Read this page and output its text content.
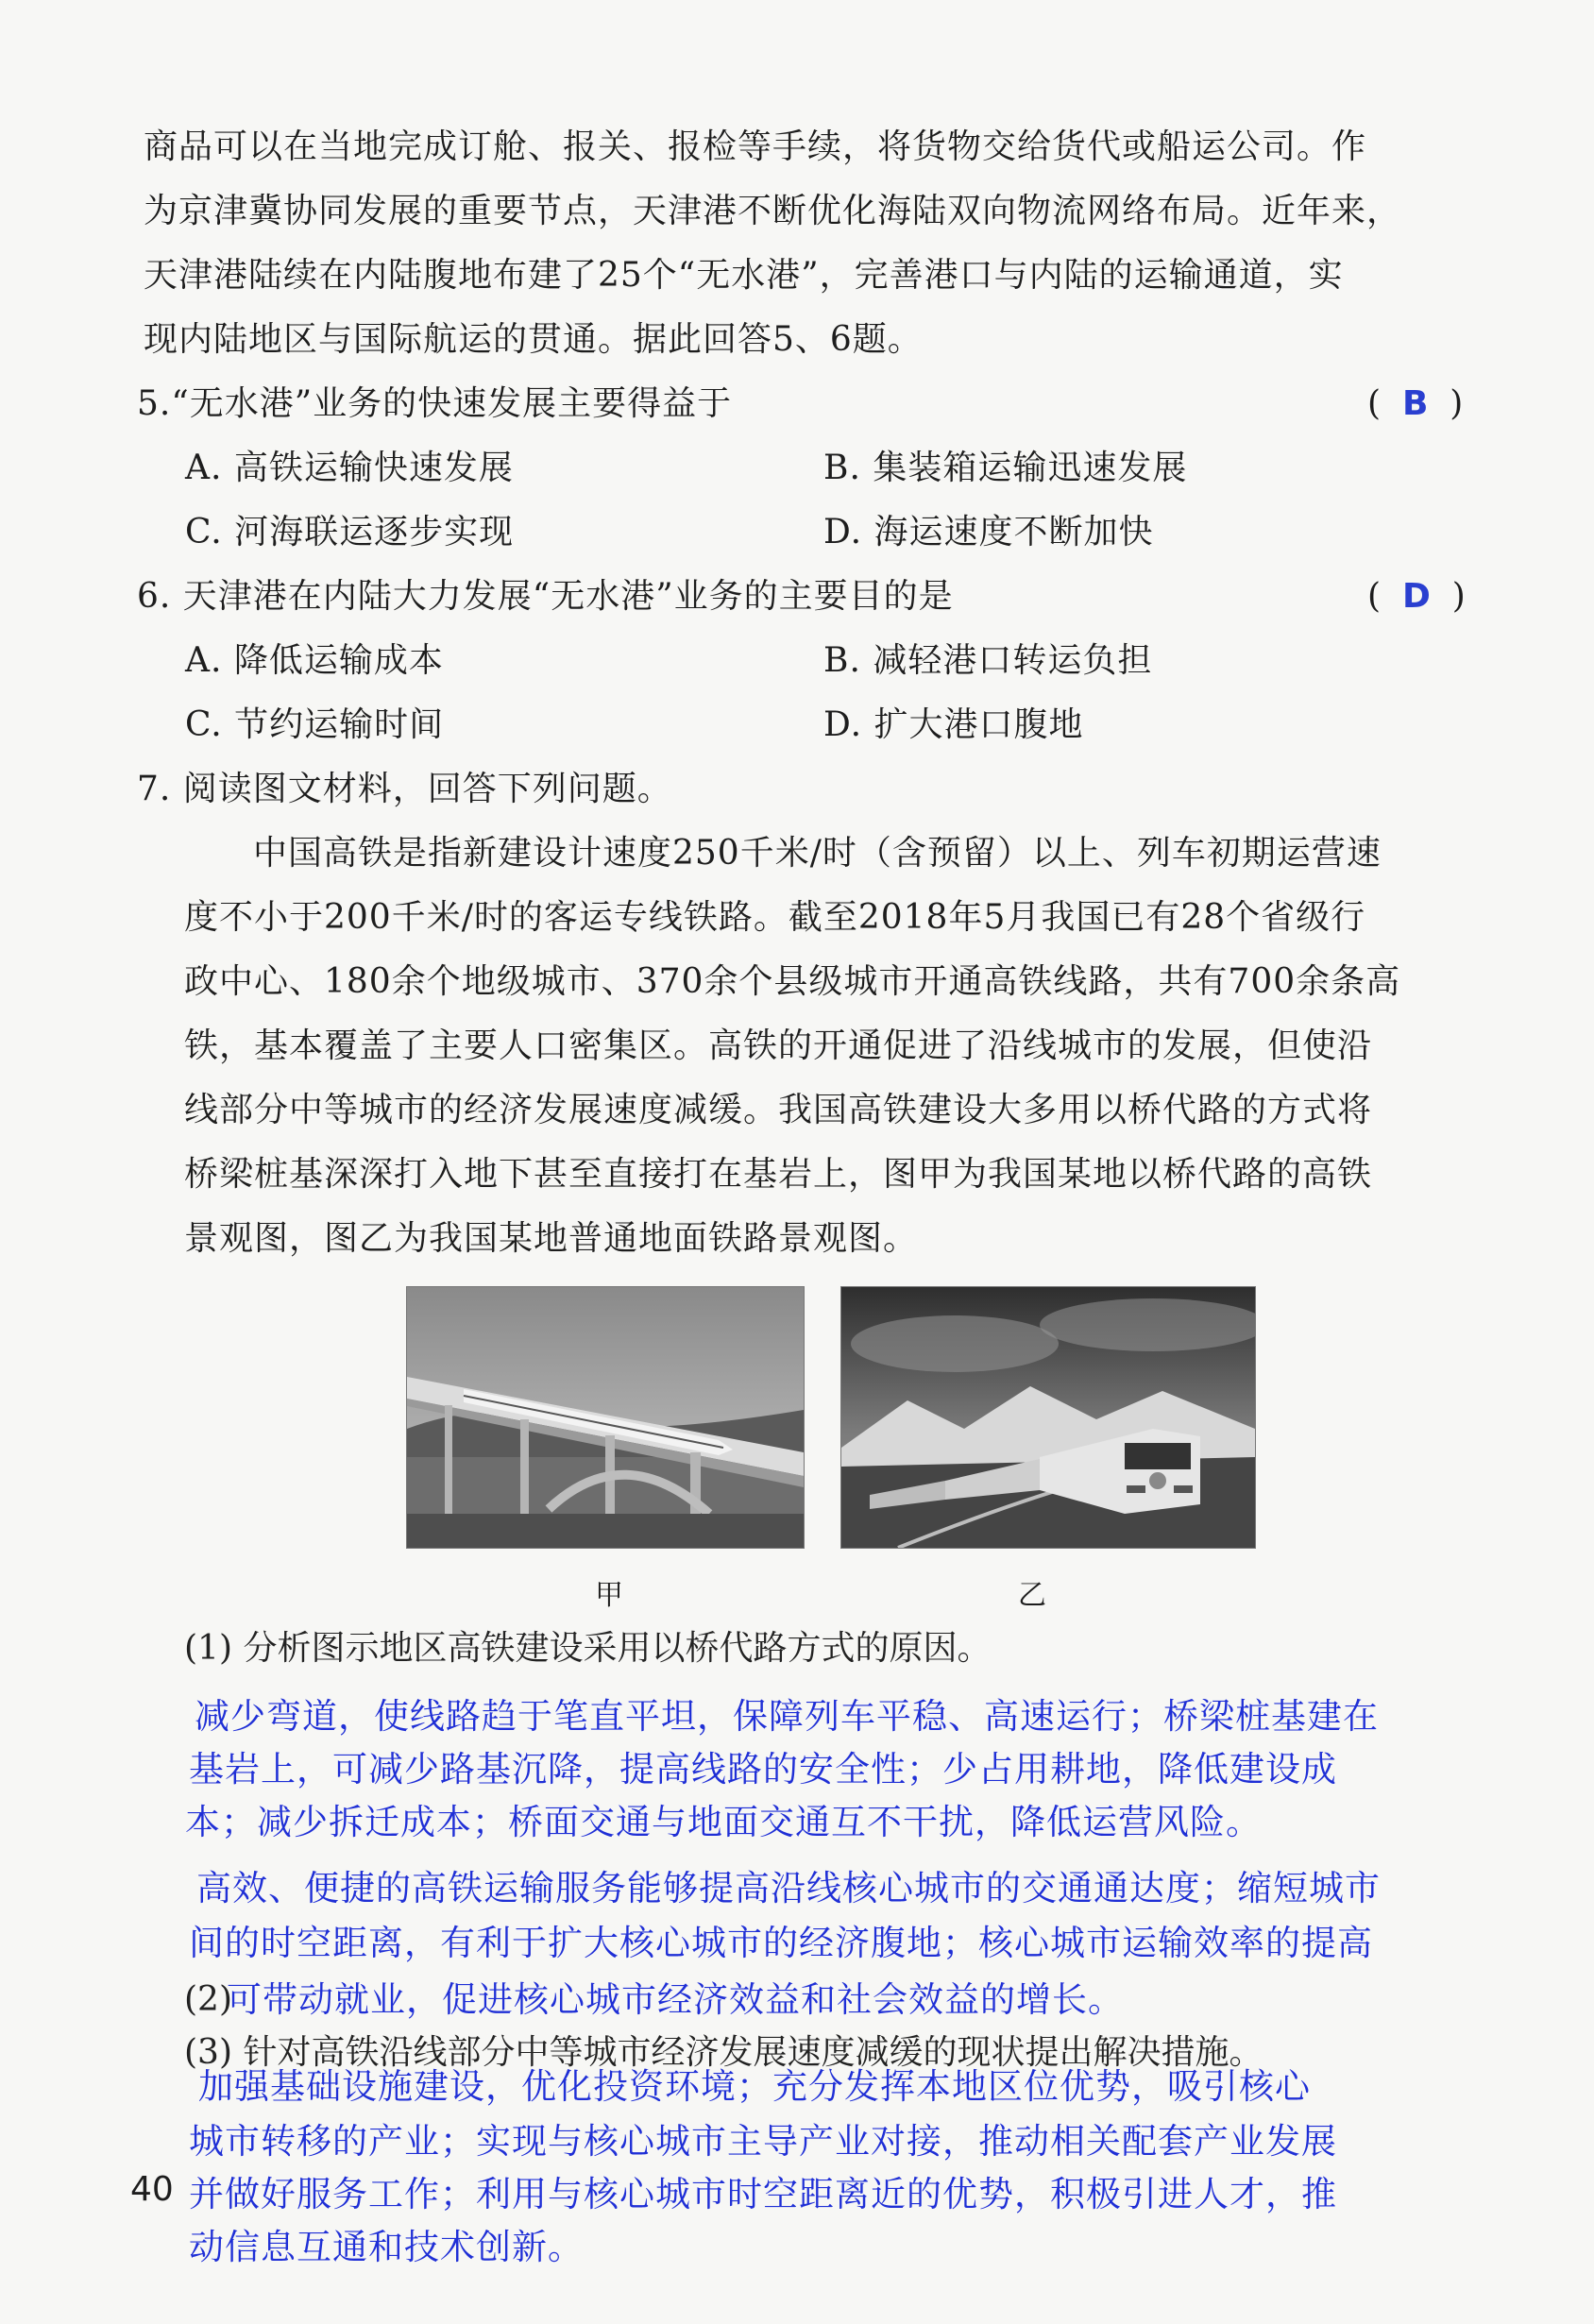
商品可以在当地完成订舱、报关、报检等手续，将货物交给货代或船运公司。作
为京津冀协同发展的重要节点，天津港不断优化海陆双向物流网络布局。近年来，
天津港陆续在内陆腹地布建了25个“无水港”，完善港口与内陆的运输通道，实
现内陆地区与国际航运的贯通。据此回答5、6题。
5.“无水港”业务的快速发展主要得益于	(  B  )
A. 高铁运输快速发展	B. 集装箱运输迅速发展
C. 河海联运逐步实现	D. 海运速度不断加快
6. 天津港在内陆大力发展“无水港”业务的主要目的是	(  D  )
A. 降低运输成本	B. 减轻港口转运负担
C. 节约运输时间	D. 扩大港口腹地
7. 阅读图文材料，回答下列问题。
中国高铁是指新建设计速度250千米/时（含预留）以上、列车初期运营速
度不小于200千米/时的客运专线铁路。截至2018年5月我国已有28个省级行
政中心、180余个地级城市、370余个县级城市开通高铁线路，共有700余条高
铁，基本覆盖了主要人口密集区。高铁的开通促进了沿线城市的发展，但使沿
线部分中等城市的经济发展速度减缓。我国高铁建设大多用以桥代路的方式将
桥梁桩基深深打入地下甚至直接打在基岩上，图甲为我国某地以桥代路的高铁
景观图，图乙为我国某地普通地面铁路景观图。
甲	乙
(1) 分析图示地区高铁建设采用以桥代路方式的原因。
减少弯道，使线路趋于笔直平坦，保障列车平稳、高速运行；桥梁桩基建在
基岩上，可减少路基沉降，提高线路的安全性；少占用耕地，降低建设成
本；减少拆迁成本；桥面交通与地面交通互不干扰，降低运营风险。
(2)
高效、便捷的高铁运输服务能够提高沿线核心城市的交通通达度；缩短城市
间的时空距离，有利于扩大核心城市的经济腹地；核心城市运输效率的提高
可带动就业，促进核心城市经济效益和社会效益的增长。
(3) 针对高铁沿线部分中等城市经济发展速度减缓的现状提出解决措施。
加强基础设施建设，优化投资环境；充分发挥本地区位优势，吸引核心
城市转移的产业；实现与核心城市主导产业对接，推动相关配套产业发展
并做好服务工作；利用与核心城市时空距离近的优势，积极引进人才，推
动信息互通和技术创新。
40
